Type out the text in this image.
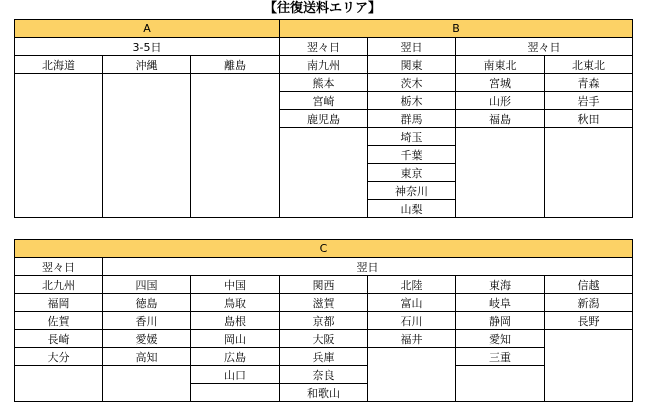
【往復送料エリア】
A			B			
3-5日			翌々日	翌日	翌々日	
北海道	沖縄	離島	南九州	関東	南東北	北東北
			熊本	茨木	宮城	青森
			宮崎	栃木	山形	岩手
			鹿児島	群馬	福島	秋田
				埼玉		
				千葉		
				東京		
				神奈川		
				山梨		
C						
翌々日	翌日					
北九州	四国	中国	関西	北陸	東海	信越
福岡	徳島	鳥取	滋賀	富山	岐阜	新潟
佐賀	香川	島根	京都	石川	静岡	長野
長崎	愛媛	岡山	大阪	福井	愛知	
大分	高知	広島	兵庫		三重	
		山口	奈良			
			和歌山			
